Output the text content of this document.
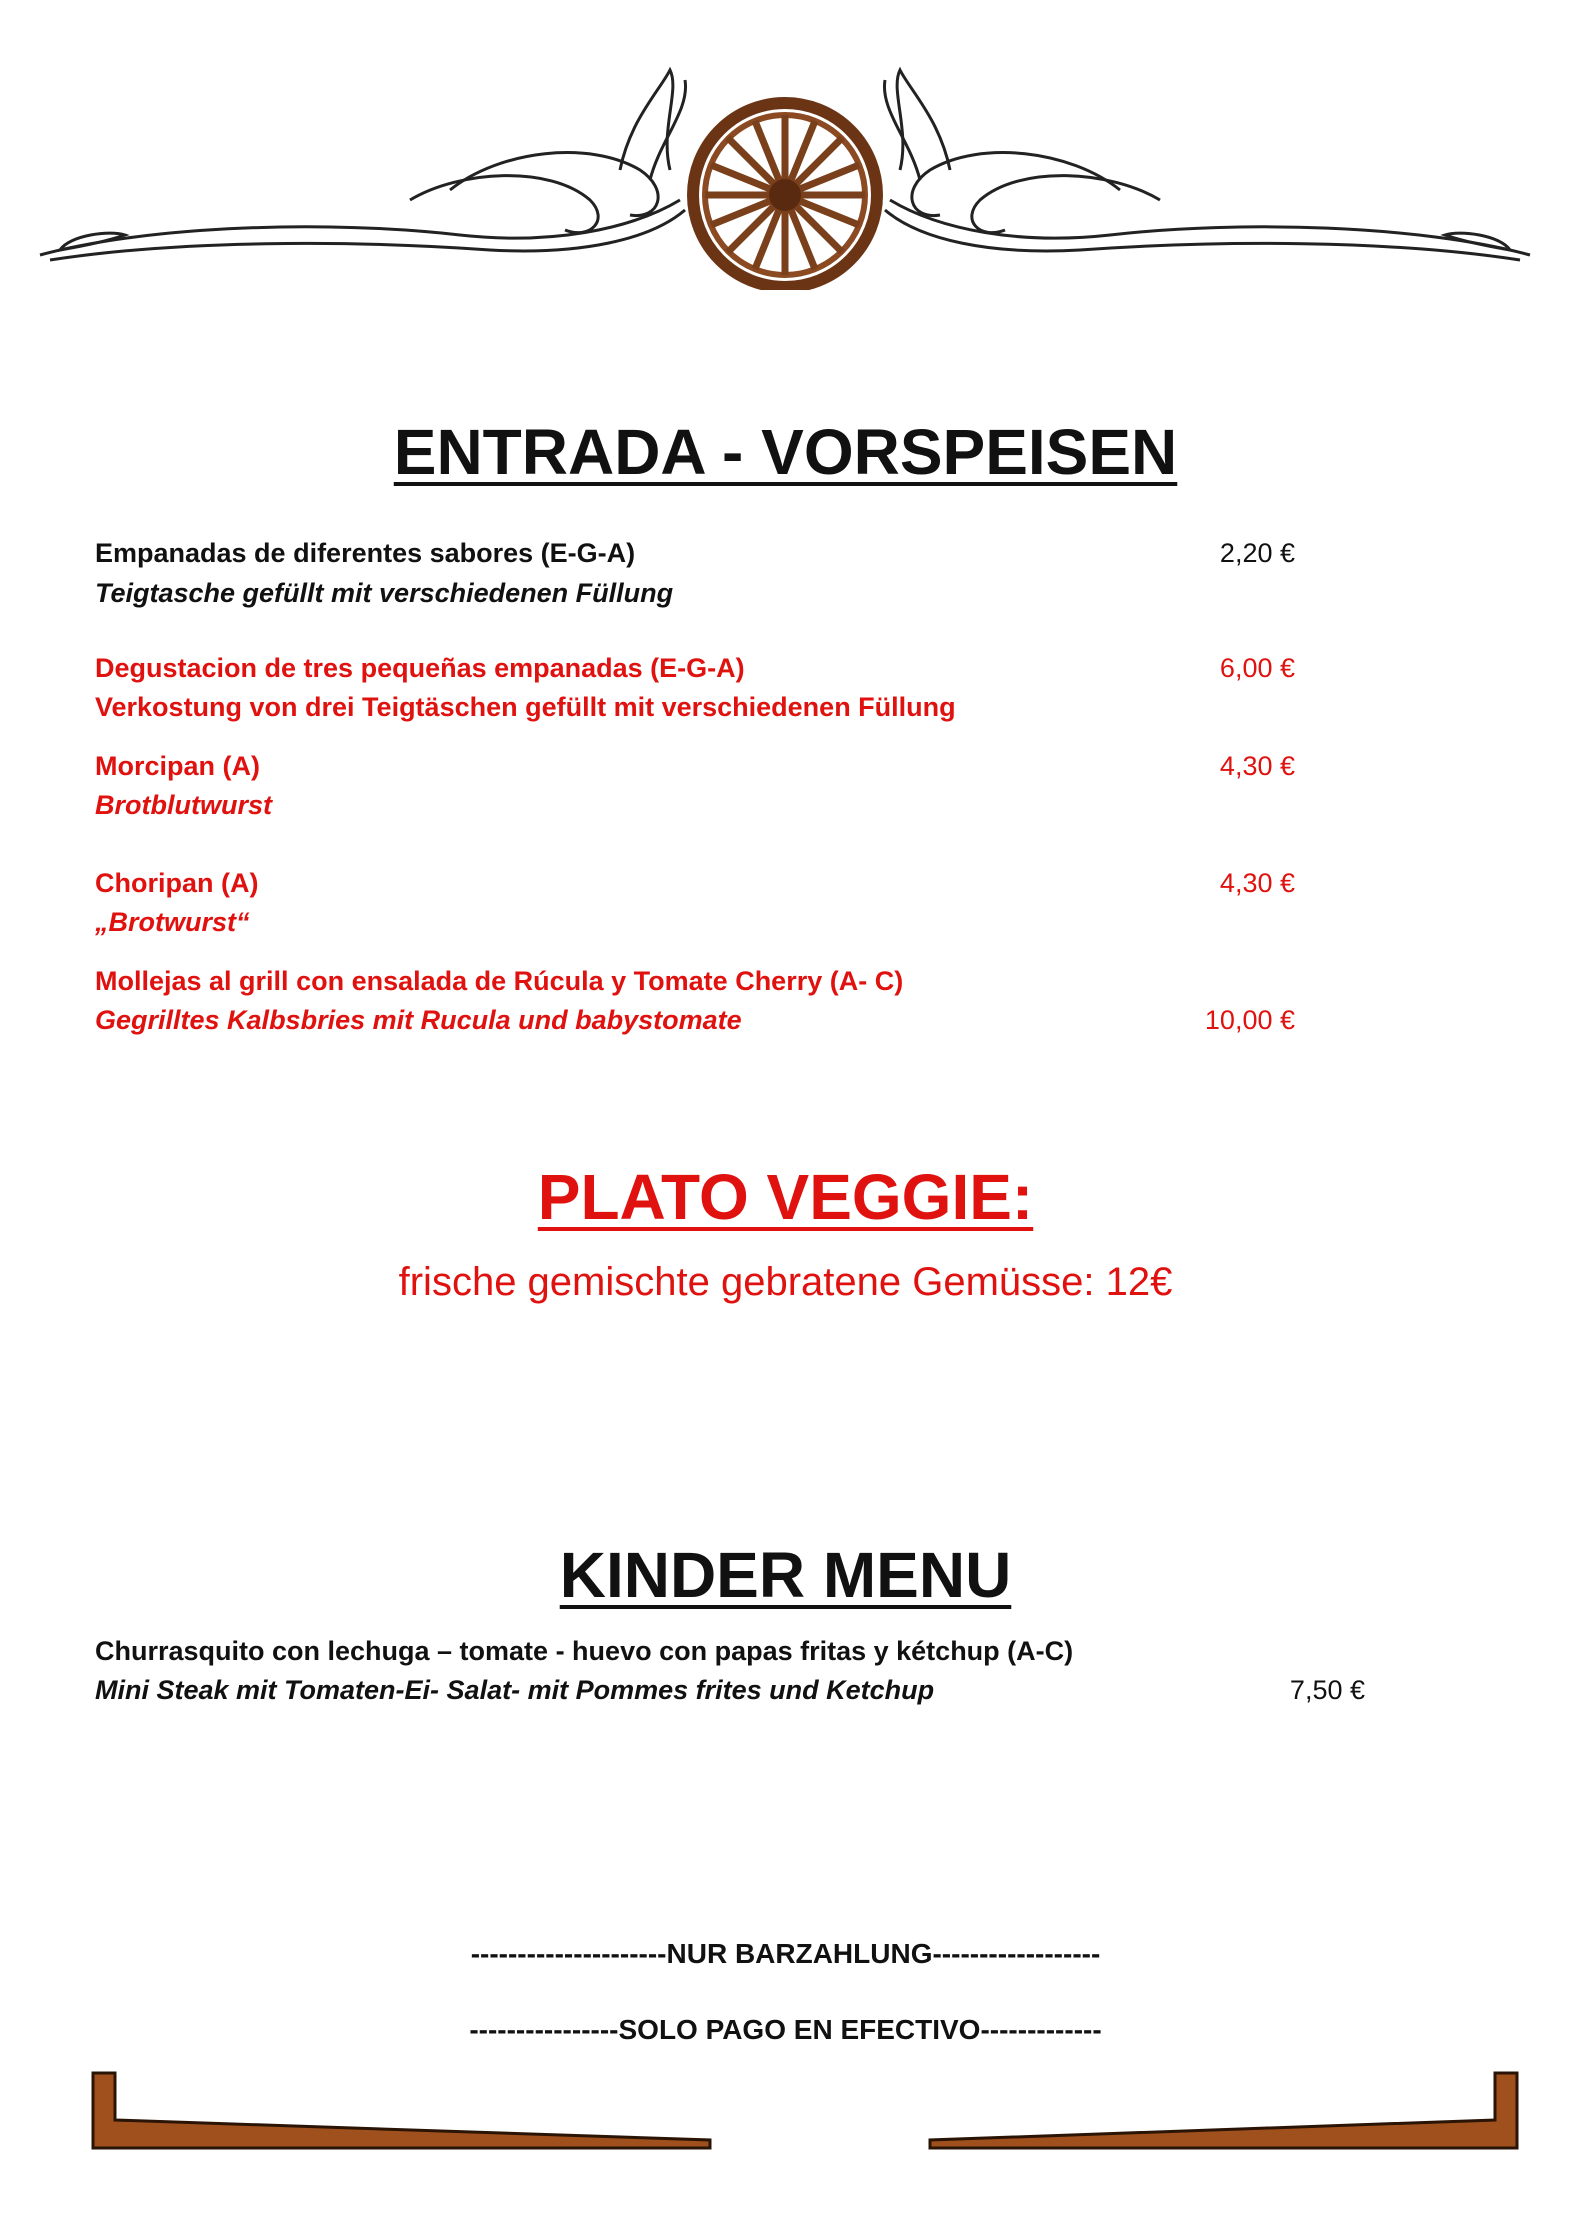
ENTRADA - VORSPEISEN
Empanadas de diferentes sabores (E-G-A)	2,20 €
Teigtasche gefüllt mit verschiedenen Füllung
Degustacion de tres pequeñas empanadas (E-G-A)	6,00 €
Verkostung von drei Teigtäschen gefüllt mit verschiedenen Füllung
Morcipan (A)	4,30 €
Brotblutwurst
Choripan (A)	4,30 €
„Brotwurst“
Mollejas al grill con ensalada de Rúcula y Tomate Cherry (A- C)
Gegrilltes Kalbsbries mit Rucula und babystomate	10,00 €
PLATO VEGGIE:
frische gemischte gebratene Gemüsse: 12€
KINDER MENU
Churrasquito con lechuga – tomate - huevo con papas fritas y kétchup (A-C)
Mini Steak mit Tomaten-Ei- Salat- mit Pommes frites und Ketchup	7,50 €
---------------------NUR BARZAHLUNG------------------
----------------SOLO PAGO EN EFECTIVO-------------
